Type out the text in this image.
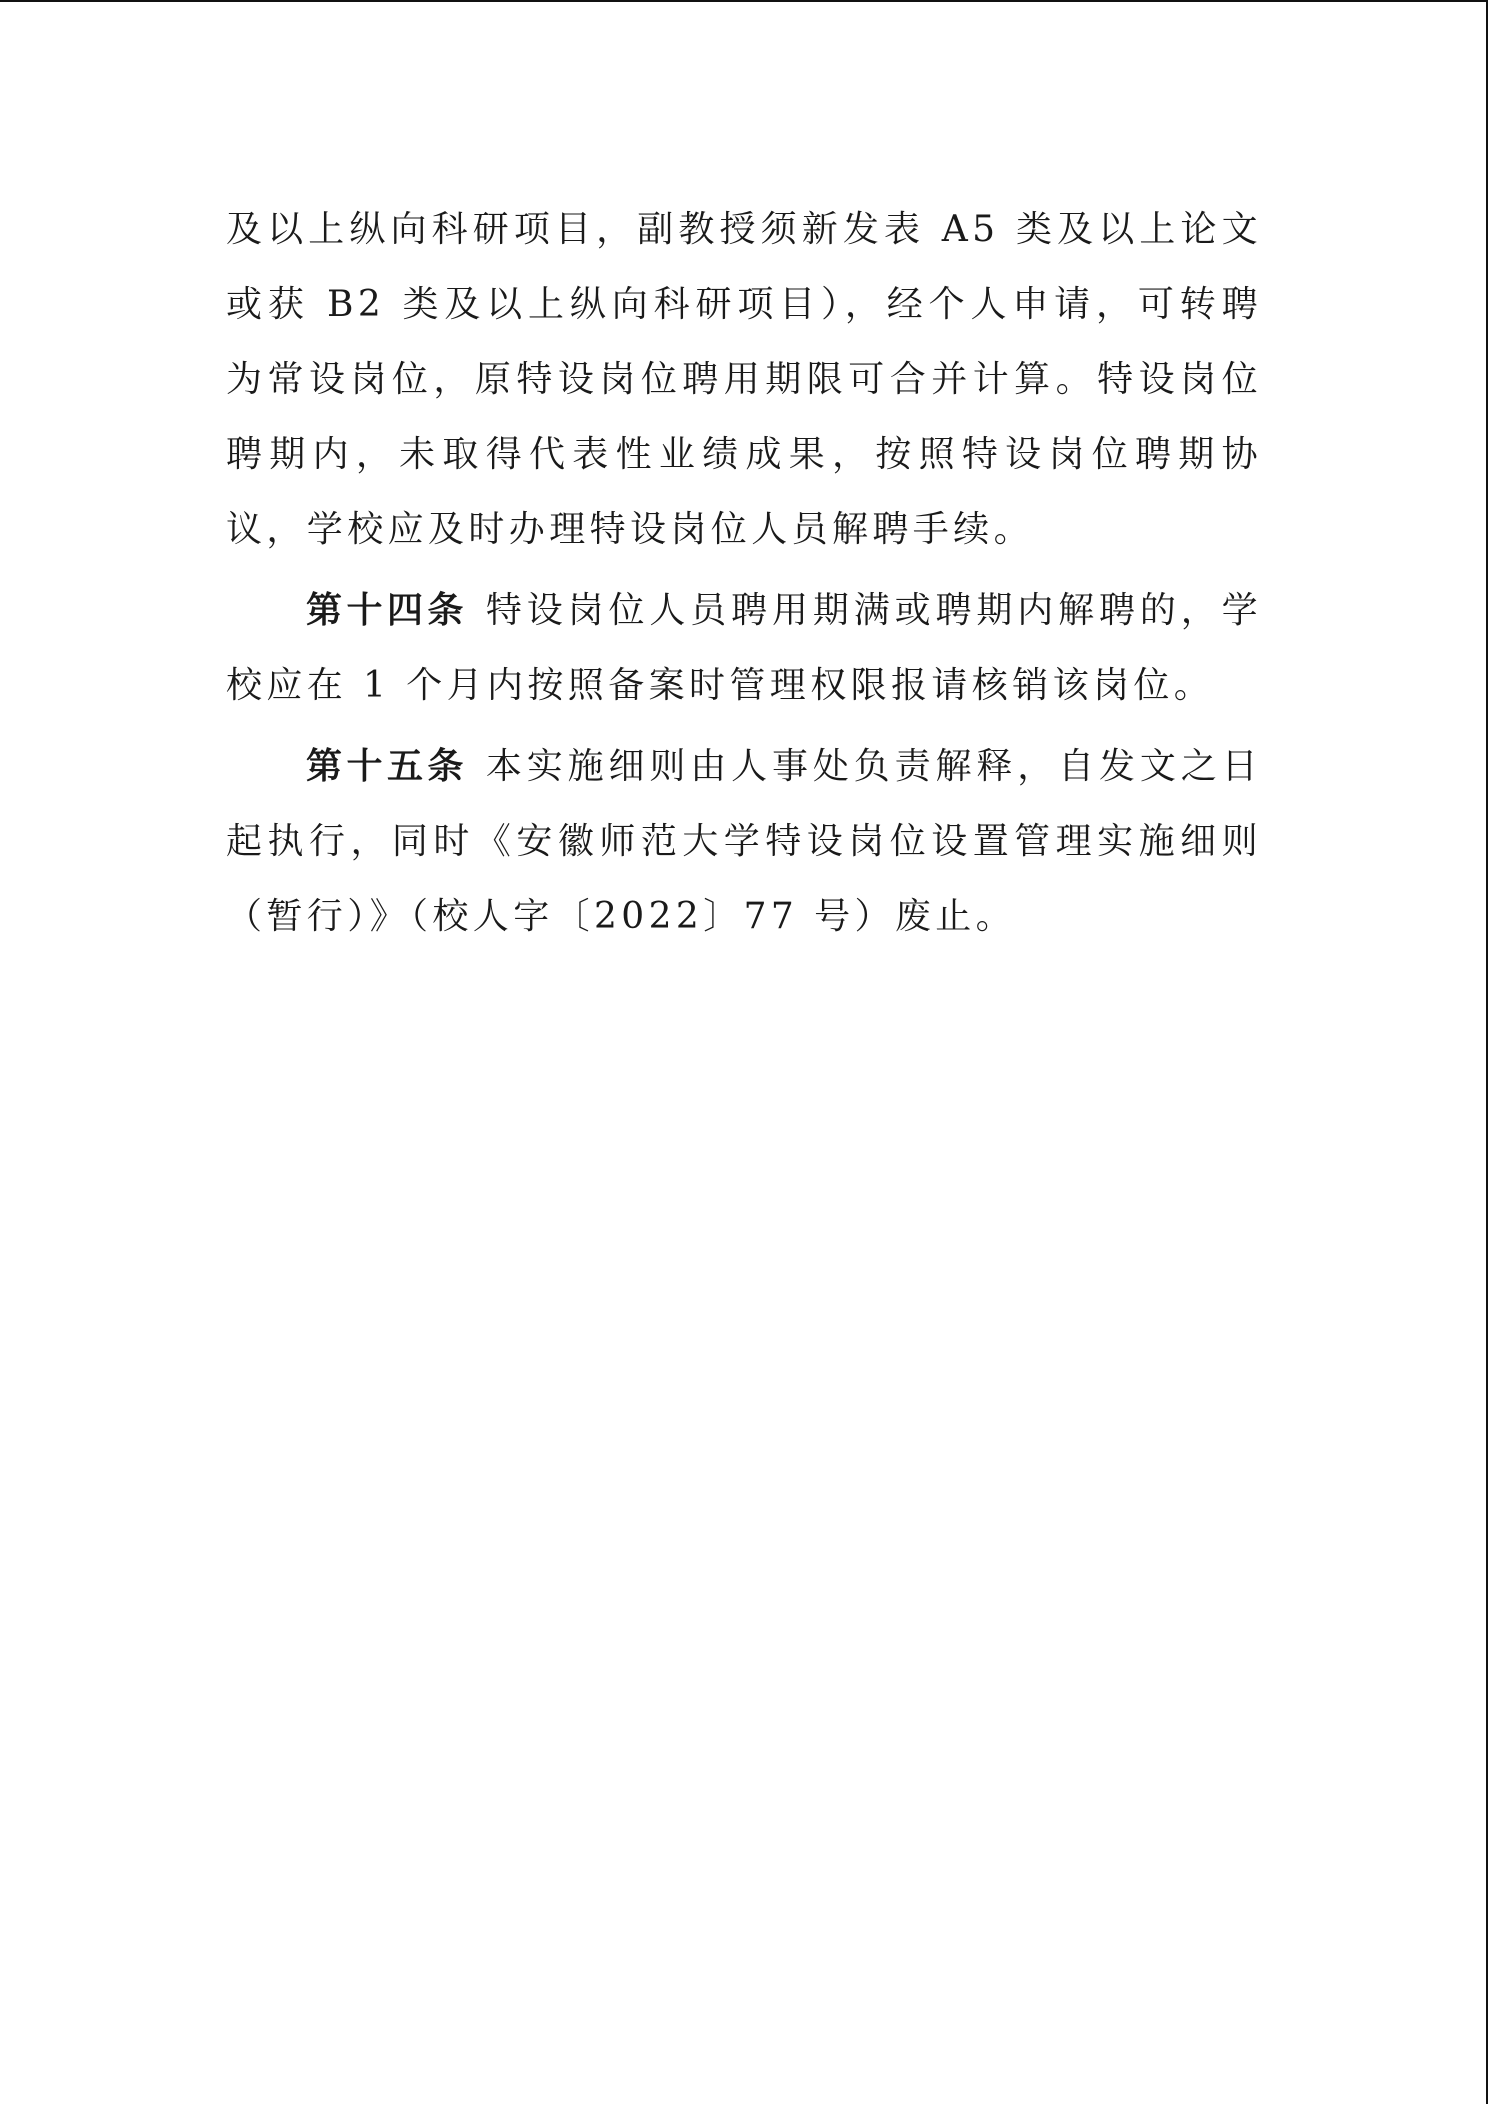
及以上纵向科研项目，副教授须新发表 A5 类及以上论文或获 B2 类及以上纵向科研项目），经个人申请，可转聘为常设岗位，原特设岗位聘用期限可合并计算。特设岗位聘期内，未取得代表性业绩成果，按照特设岗位聘期协议，学校应及时办理特设岗位人员解聘手续。

第十四条 特设岗位人员聘用期满或聘期内解聘的，学校应在 1 个月内按照备案时管理权限报请核销该岗位。

第十五条 本实施细则由人事处负责解释，自发文之日起执行，同时《安徽师范大学特设岗位设置管理实施细则（暂行）》（校人字〔2022〕77 号）废止。
